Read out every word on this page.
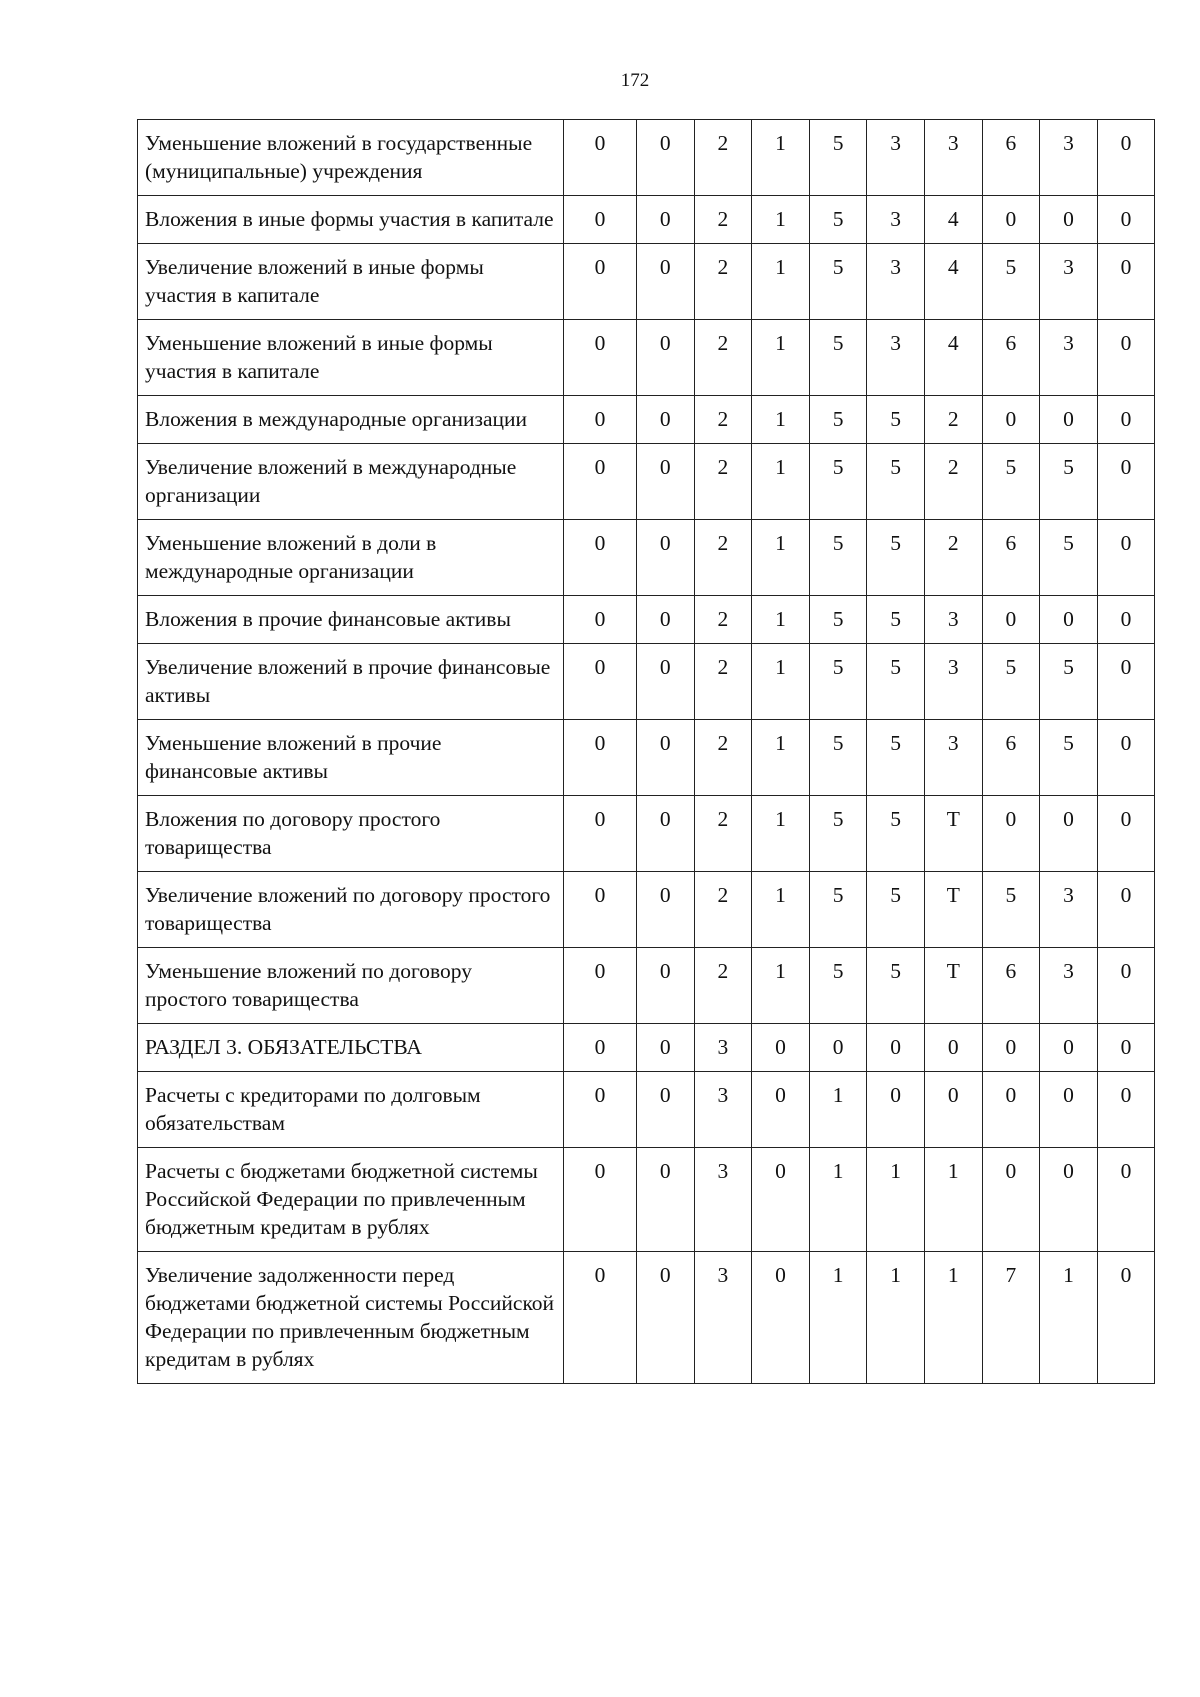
172
Уменьшение вложений в государственные (муниципальные) учреждения	0	0	2	1	5	3	3	6	3	0
Вложения в иные формы участия в капитале	0	0	2	1	5	3	4	0	0	0
Увеличение вложений в иные формы участия в капитале	0	0	2	1	5	3	4	5	3	0
Уменьшение вложений в иные формы участия в капитале	0	0	2	1	5	3	4	6	3	0
Вложения в международные организации	0	0	2	1	5	5	2	0	0	0
Увеличение вложений в международные организации	0	0	2	1	5	5	2	5	5	0
Уменьшение вложений в доли в международные организации	0	0	2	1	5	5	2	6	5	0
Вложения в прочие финансовые активы	0	0	2	1	5	5	3	0	0	0
Увеличение вложений в прочие финансовые активы	0	0	2	1	5	5	3	5	5	0
Уменьшение вложений в прочие финансовые активы	0	0	2	1	5	5	3	6	5	0
Вложения по договору простого товарищества	0	0	2	1	5	5	Т	0	0	0
Увеличение вложений по договору простого товарищества	0	0	2	1	5	5	Т	5	3	0
Уменьшение вложений по договору простого товарищества	0	0	2	1	5	5	Т	6	3	0
РАЗДЕЛ 3. ОБЯЗАТЕЛЬСТВА	0	0	3	0	0	0	0	0	0	0
Расчеты с кредиторами по долговым обязательствам	0	0	3	0	1	0	0	0	0	0
Расчеты с бюджетами бюджетной системы Российской Федерации по привлеченным бюджетным кредитам в рублях	0	0	3	0	1	1	1	0	0	0
Увеличение задолженности перед бюджетами бюджетной системы Российской Федерации по привлеченным бюджетным кредитам в рублях	0	0	3	0	1	1	1	7	1	0
